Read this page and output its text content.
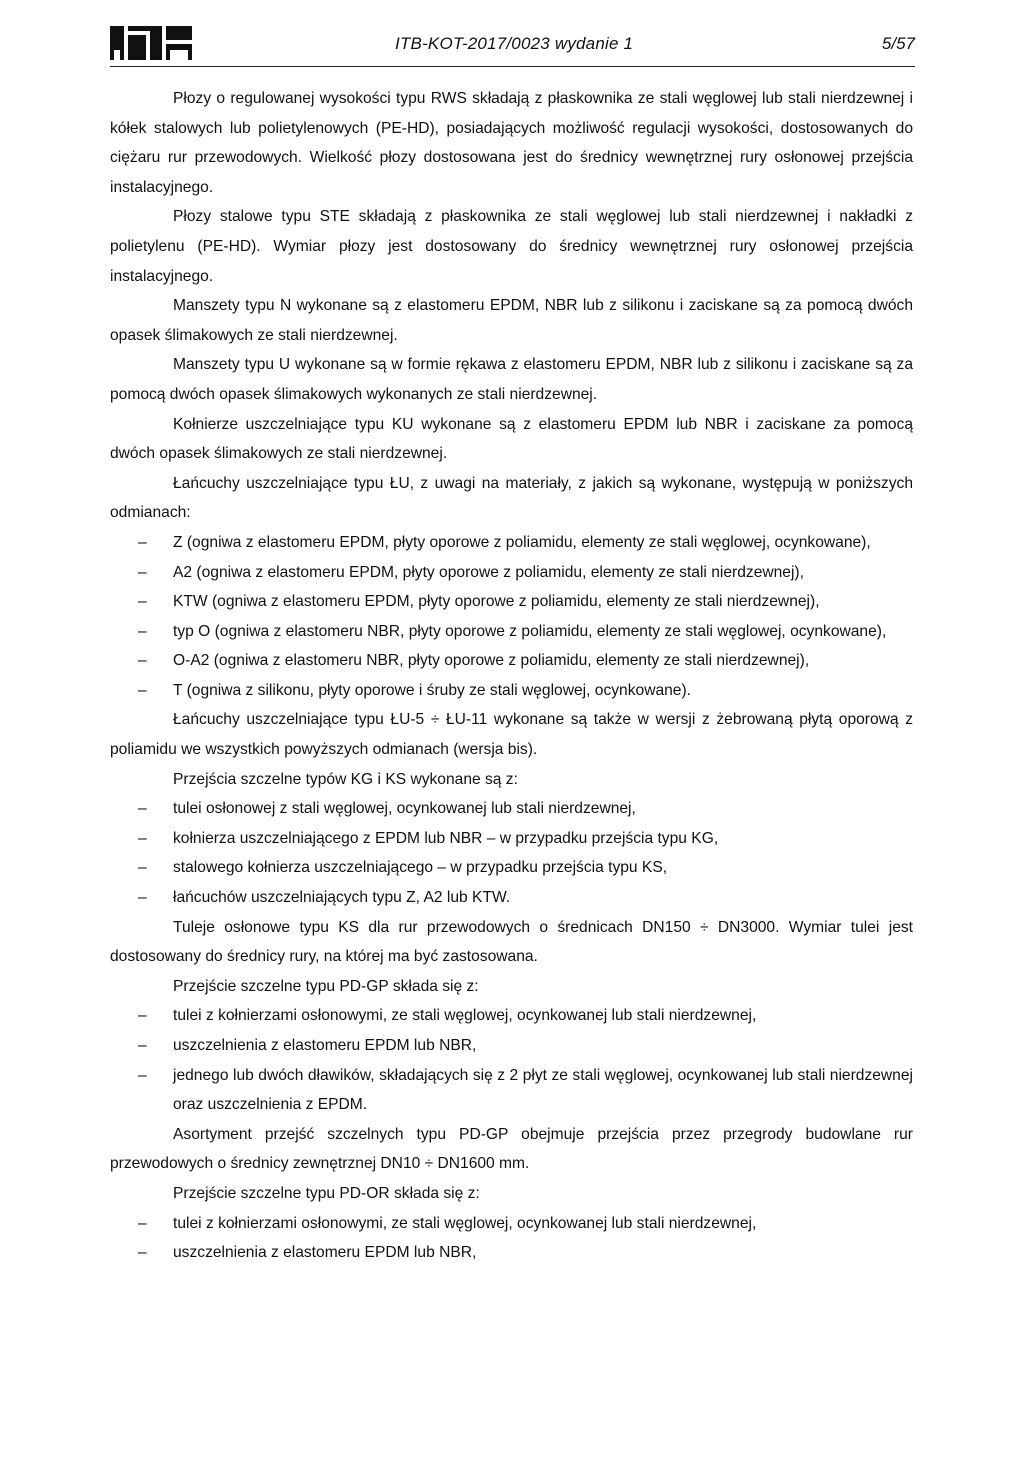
ITB-KOT-2017/0023 wydanie 1	5/57
Płozy o regulowanej wysokości typu RWS składają z płaskownika ze stali węglowej lub stali nierdzewnej i kółek stalowych lub polietylenowych (PE-HD), posiadających możliwość regulacji wysokości, dostosowanych do ciężaru rur przewodowych. Wielkość płozy dostosowana jest do średnicy wewnętrznej rury osłonowej przejścia instalacyjnego.
Płozy stalowe typu STE składają z płaskownika ze stali węglowej lub stali nierdzewnej i nakładki z polietylenu (PE-HD). Wymiar płozy jest dostosowany do średnicy wewnętrznej rury osłonowej przejścia instalacyjnego.
Manszety typu N wykonane są z elastomeru EPDM, NBR lub z silikonu i zaciskane są za pomocą dwóch opasek ślimakowych ze stali nierdzewnej.
Manszety typu U wykonane są w formie rękawa z elastomeru EPDM, NBR lub z silikonu i zaciskane są za pomocą dwóch opasek ślimakowych wykonanych ze stali nierdzewnej.
Kołnierze uszczelniające typu KU wykonane są z elastomeru EPDM lub NBR i zaciskane za pomocą dwóch opasek ślimakowych ze stali nierdzewnej.
Łańcuchy uszczelniające typu ŁU, z uwagi na materiały, z jakich są wykonane, występują w poniższych odmianach:
– Z (ogniwa z elastomeru EPDM, płyty oporowe z poliamidu, elementy ze stali węglowej, ocynkowane),
– A2 (ogniwa z elastomeru EPDM, płyty oporowe z poliamidu, elementy ze stali nierdzewnej),
– KTW (ogniwa z elastomeru EPDM, płyty oporowe z poliamidu, elementy ze stali nierdzewnej),
– typ O (ogniwa z elastomeru NBR, płyty oporowe z poliamidu, elementy ze stali węglowej, ocynkowane),
– O-A2 (ogniwa z elastomeru NBR, płyty oporowe z poliamidu, elementy ze stali nierdzewnej),
– T (ogniwa z silikonu, płyty oporowe i śruby ze stali węglowej, ocynkowane).
Łańcuchy uszczelniające typu ŁU-5 ÷ ŁU-11 wykonane są także w wersji z żebrowaną płytą oporową z poliamidu we wszystkich powyższych odmianach (wersja bis).
Przejścia szczelne typów KG i KS wykonane są z:
– tulei osłonowej z stali węglowej, ocynkowanej lub stali nierdzewnej,
– kołnierza uszczelniającego z EPDM lub NBR – w przypadku przejścia typu KG,
– stalowego kołnierza uszczelniającego – w przypadku przejścia typu KS,
– łańcuchów uszczelniających typu Z, A2 lub KTW.
Tuleje osłonowe typu KS dla rur przewodowych o średnicach DN150 ÷ DN3000. Wymiar tulei jest dostosowany do średnicy rury, na której ma być zastosowana.
Przejście szczelne typu PD-GP składa się z:
– tulei z kołnierzami osłonowymi, ze stali węglowej, ocynkowanej lub stali nierdzewnej,
– uszczelnienia z elastomeru EPDM lub NBR,
– jednego lub dwóch dławików, składających się z 2 płyt ze stali węglowej, ocynkowanej lub stali nierdzewnej oraz uszczelnienia z EPDM.
Asortyment przejść szczelnych typu PD-GP obejmuje przejścia przez przegrody budowlane rur przewodowych o średnicy zewnętrznej DN10 ÷ DN1600 mm.
Przejście szczelne typu PD-OR składa się z:
– tulei z kołnierzami osłonowymi, ze stali węglowej, ocynkowanej lub stali nierdzewnej,
– uszczelnienia z elastomeru EPDM lub NBR,
